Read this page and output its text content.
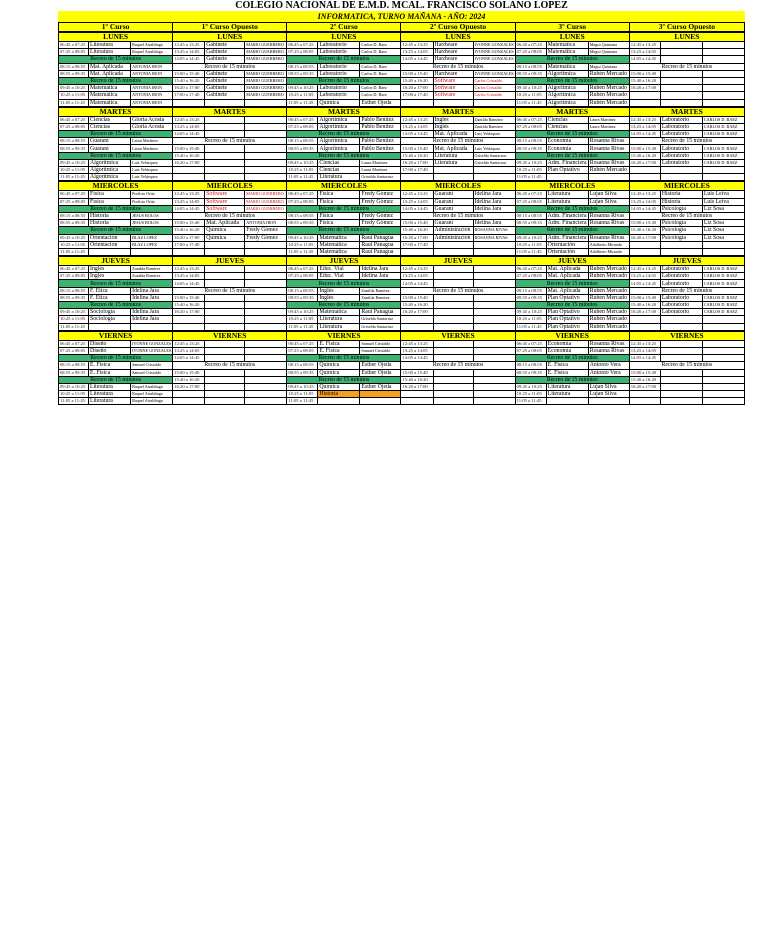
COLEGIO NACIONAL DE E.M.D. MCAL. FRANCISCO SOLANO LOPEZ
INFORMATICA, TURNO MAÑANA - AÑO: 2024
1º Curso			1º Curso Opuesto			2º Curso			2º Curso Opuesto			3º Curso			3º Curso Opuesto		
LUNES			LUNES			LUNES			LUNES			LUNES			LUNES		
06:45 a 07:25	Literatura	Raquel Airaldinga	12:45 a 13:25	Gabinete	MARIO GUERRERO	06:45 a 07:25	Laboratorio	Carlos D. Baez	12:45 a 13:25	Hardware	IVONNE GONZALES	06:45 a 07:25	Matemática	Magui Quintana	12:45 a 13:25		
07:25 a 08:05	Literatura	Raquel Airaldinga	13:25 a 14:05	Gabinete	MARIO GUERRERO	07:25 a 08:05	Laboratorio	Carlos D. Baez	13:25 a 14:05	Hardware	IVONNE GONZALES	07:25 a 08:05	Matemática	Magui Quintana	13:25 a 14:05		
Recreo de 15 minutos			14:05 a 14:45	Gabinete	MARIO GUERRERO	Recreo de 15 minutos			14:05 a 14:45	Hardware	IVONNE GONZALES	Recreo de 15 minutos			14:05 a 14:45		
08:15 a 08:55	Mat. Aplicada	ANTONIA IBON	Recreo de 15 minutos			08:15 a 08:55	Laboratorio	Carlos D. Baez	Recreo de 15 minutos			08:15 a 08:55	Matemática	Magui Quintana	Recreo de 15 minutos		
08:55 a 09:35	Mat. Aplicada	ANTONIA IBON	15:00 a 15:40	Gabinete	MARIO GUERRERO	08:55 a 09:35	Laboratorio	Carlos D. Baez	15:00 a 15:40	Hardware	IVONNE GONZALES	08:55 a 09:35	Algoritmica	Rubén Mercado	15:00 a 15:40		
Recreo de 15 minutos			15:40 a 16:20	Gabinete	MARIO GUERRERO	Recreo de 15 minutos			15:40 a 16:20	Software	Carlos Cristaldo	Recreo de 15 minutos			15:40 a 16:20		
09:45 a 10:25	Matemática	ANTONIA IBON	16:20 a 17:00	Gabinete	MARIO GUERRERO	09:45 a 10:25	Laboratorio	Carlos D. Baez	16:20 a 17:00	Software	Carlos Cristaldo	09:45 a 10:25	Algoritmica	Rubén Mercado	16:20 a 17:00		
10:25 a 11:05	Matemática	ANTONIA IBON	17:00 a 17:40	Gabinete	MARIO GUERRERO	10:25 a 11:05	Laboratorio	Carlos D. Baez	17:00 a 17:40	Software	Carlos Cristaldo	10:25 a 11:05	Algoritmica	Rubén Mercado			
11:05 a 11:45	Matemática	ANTONIA IBON				11:05 a 11:45	Química	Esther Ojeda				11:05 a 11:45	Algoritmica	Rubén Mercado			
MARTES			MARTES			MARTES			MARTES			MARTES			MARTES		
06:45 a 07:25	Ciencias	Gloria Acosta	12:45 a 13:25			06:45 a 07:25	Algorítmica	Pablo Benítez	12:45 a 13:25	Inglés	Zunilda Ramírez	06:45 a 07:25	Ciencias	Laura Martínez	12:45 a 13:25	Laboratorio	CARLOS D. BAEZ
07:25 a 08:05	Ciencias	Gloria Acosta	13:25 a 14:05			07:25 a 08:05	Algorítmica	Pablo Benítez	13:25 a 14:05	Inglés	Zunilda Ramírez	07:25 a 08:05	Ciencias	Laura Martínez	13:25 a 14:05	Laboratorio	CARLOS D. BAEZ
Recreo de 15 minutos			14:05 a 14:45			Recreo de 15 minutos			14:05 a 14:45	Mat. Aplicada	Luis Velázquez	Recreo de 15 minutos			14:05 a 14:45	Laboratorio	CARLOS D. BAEZ
08:15 a 08:55	Guaraní	Laura Martínez	Recreo de 15 minutos			08:15 a 08:55	Algorítmica	Pablo Benítez	Recreo de 15 minutos			08:15 a 08:55	Economía	Rosanna Rivas	Recreo de 15 minutos		
08:55 a 09:35	Guaraní	Laura Martínez	15:00 a 15:40			08:55 a 09:35	Algorítmica	Pablo Benítez	15:00 a 15:40	Mat. Aplicada	Luis Velázquez	08:55 a 09:35	Economía	Rosanna Rivas	15:00 a 15:40	Laboratorio	CARLOS D. BAEZ
Recreo de 15 minutos			15:40 a 16:20			Recreo de 15 minutos			15:40 a 16:20	Literatura	Griselda Santacruz	Recreo de 15 minutos			15:40 a 16:20	Laboratorio	CARLOS D. BAEZ
09:45 a 10:25	Algorítmica	Luis Velázquez	16:20 a 17:00			09:45 a 10:25	Ciencias	Laura Martínez	16:20 a 17:00	Literatura	Griselda Santacruz	09:45 a 10:25	Adm. Financiera	Rosanna Rivas	16:20 a 17:00	Laboratorio	CARLOS D. BAEZ
10:25 a 11:05	Algorítmica	Luis Velázquez				10:25 a 11:05	Ciencias	Laura Martínez	17:00 a 17:40			10:25 a 11:05	Plan Optativo	Rubén Mercado			
11:05 a 11:45	Algorítmica	Luis Velázquez				11:05 a 11:45	Literatura	Griselda Santacruz				11:05 a 11:45					
MIERCOLES			MIERCOLES			MIERCOLES			MIERCOLES			MIERCOLES			MIERCOLES		
06:45 a 07:25	Física	Porfirio Ortiz	12:45 a 13:25	Software	MARIO GUERRERO	06:45 a 07:25	Física	Fredy Gómez	12:45 a 13:25	Guaraní	Idelina Jara	06:45 a 07:25	Literatura	Lujan Silva	12:45 a 13:25	Historia	Luis Leiva
07:25 a 08:05	Física	Porfirio Ortiz	13:25 a 14:05	Software	MARIO GUERRERO	07:25 a 08:05	Física	Fredy Gómez	13:25 a 14:05	Guaraní	Idelina Jara	07:25 a 08:05	Literatura	Lujan Silva	13:25 a 14:05	Historia	Luis Leiva
Recreo de 15 minutos			14:05 a 14:45	Software	MARIO GUERRERO	Recreo de 15 minutos			14:05 a 14:45	Guaraní	Idelina Jara	Recreo de 15 minutos			14:05 a 14:45	Psicología	Liz Sosa
08:15 a 08:55	Historia	JESUS BOLOS	Recreo de 15 minutos			08:15 a 08:55	Física	Fredy Gómez	Recreo de 15 minutos			08:15 a 08:55	Adm. Financiera	Rosanna Rivas	Recreo de 15 minutos		
08:55 a 09:35	Historia	JESUS BOLOS	15:00 a 15:40	Mat. Aplicada	ANTONIA IBON	08:55 a 09:35	Física	Fredy Gómez	15:00 a 15:40	Guaraní	Idelina Jara	08:55 a 09:35	Adm. Financiera	Rosanna Rivas	15:00 a 15:40	Psicología	Liz Sosa
Recreo de 15 minutos			15:40 a 16:20	Química	Fredy Gómez	Recreo de 15 minutos			15:40 a 16:20	Administración	ROSANNA RIVAS	Recreo de 15 minutos			15:40 a 16:20	Psicología	Liz Sosa
09:45 a 10:25	Orientación	BLAZ LOPEZ	16:20 a 17:00	Química	Fredy Gómez	09:45 a 10:25	Matemática	Raul Panagua	16:20 a 17:00	Administración	ROSANNA RIVAS	09:45 a 10:25	Adm. Financiera	Rosanna Rivas	16:20 a 17:00	Psicología	Liz Sosa
10:25 a 11:05	Orientación	BLAZ LOPEZ	17:00 a 17:40			10:25 a 11:05	Matemática	Raul Panagua	17:00 a 17:40			10:25 a 11:05	Orientación	Adalberto Miranda			
11:05 a 11:45						11:05 a 11:45	Matemática	Raul Panagua				11:05 a 11:45	Orientación	Adalberto Miranda			
JUEVES			JUEVES			JUEVES			JUEVES			JUEVES			JUEVES		
06:45 a 07:25	Inglés	Zunilda Ramírez	12:45 a 13:25			06:45 a 07:25	Educ. Vial	Idelina Jara	12:45 a 13:25			06:45 a 07:25	Mat. Aplicada	Rubén Mercado	12:45 a 13:25	Laboratorio	CARLOS D. BAEZ
07:25 a 08:05	Inglés	Zunilda Ramírez	13:25 a 14:05			07:25 a 08:05	Educ. Vial	Idelina Jara	13:25 a 14:05			07:25 a 08:05	Mat. Aplicada	Rubén Mercado	13:25 a 14:05	Laboratorio	CARLOS D. BAEZ
Recreo de 15 minutos			14:05 a 14:45			Recreo de 15 minutos			14:05 a 14:45			Recreo de 15 minutos			14:05 a 14:45	Laboratorio	CARLOS D. BAEZ
08:15 a 08:55	F. Ética	Idelina Jara	Recreo de 15 minutos			08:15 a 08:55	Inglés	Zunilda Ramírez	Recreo de 15 minutos			08:15 a 08:55	Mat. Aplicada	Rubén Mercado	Recreo de 15 minutos		
08:55 a 09:35	F. Ética	Idelina Jara	15:00 a 15:40			08:55 a 09:35	Inglés	Zunilda Ramírez	15:00 a 15:40			08:55 a 09:35	Plan Optativo	Rubén Mercado	15:00 a 15:40	Laboratorio	CARLOS D. BAEZ
Recreo de 15 minutos			15:40 a 16:20			Recreo de 15 minutos			15:40 a 16:20			Recreo de 15 minutos			15:40 a 16:20	Laboratorio	CARLOS D. BAEZ
09:45 a 10:25	Sociología	Idelina Jara	16:20 a 17:00			09:45 a 10:25	Matemática	Raul Panagua	16:20 a 17:00			09:45 a 10:25	Plan Optativo	Rubén Mercado	16:20 a 17:00	Laboratorio	CARLOS D. BAEZ
10:25 a 11:05	Sociología	Idelina Jara				10:25 a 11:05	Literatura	Griselda Santacruz				10:25 a 11:05	Plan Optativo	Rubén Mercado			
11:05 a 11:45						11:05 a 11:45	Literatura	Griselda Santacruz				11:05 a 11:45	Plan Optativo	Rubén Mercado			
VIERNES			VIERNES			VIERNES			VIERNES			VIERNES			VIERNES		
06:45 a 07:25	Diseño	IVONNE GONZALES	12:45 a 13:25			06:45 a 07:25	E. Física	Samuel Cristaldo	12:45 a 13:25			06:45 a 07:25	Economía	Rosanna Rivas	12:45 a 13:25		
07:25 a 08:05	Diseño	IVONNE GONZALES	13:25 a 14:05			07:25 a 08:05	E. Física	Samuel Cristaldo	13:25 a 14:05			07:25 a 08:05	Economía	Rosanna Rivas	13:25 a 14:05		
Recreo de 15 minutos			14:05 a 14:45			Recreo de 15 minutos			14:05 a 14:45			Recreo de 15 minutos			14:05 a 14:45		
08:15 a 08:55	E. Física	Samuel Cristaldo	Recreo de 15 minutos			08:15 a 08:55	Química	Esther Ojeda	Recreo de 15 minutos			08:15 a 08:55	E. Física	Antonio Vera	Recreo de 15 minutos		
08:55 a 09:35	E. Física	Samuel Cristaldo	15:00 a 15:40			08:55 a 09:35	Química	Esther Ojeda	15:00 a 15:40			08:55 a 09:35	E. Física	Antonio Vera	15:00 a 15:40		
Recreo de 15 minutos			15:40 a 16:20			Recreo de 15 minutos			15:40 a 16:20			Recreo de 15 minutos			15:40 a 16:20		
09:45 a 10:25	Literatura	Raquel Airaldinga	16:20 a 17:00			09:45 a 10:25	Química	Esther Ojeda	16:20 a 17:00			09:45 a 10:25	Literatura	Lujan Silva	16:20 a 17:00		
10:25 a 11:05	Literatura	Raquel Airaldinga				10:25 a 11:05	Historia					10:25 a 11:05	Literatura	Lujan Silva			
11:05 a 11:45	Literatura	Raquel Airaldinga				11:05 a 11:45						11:05 a 11:45					
